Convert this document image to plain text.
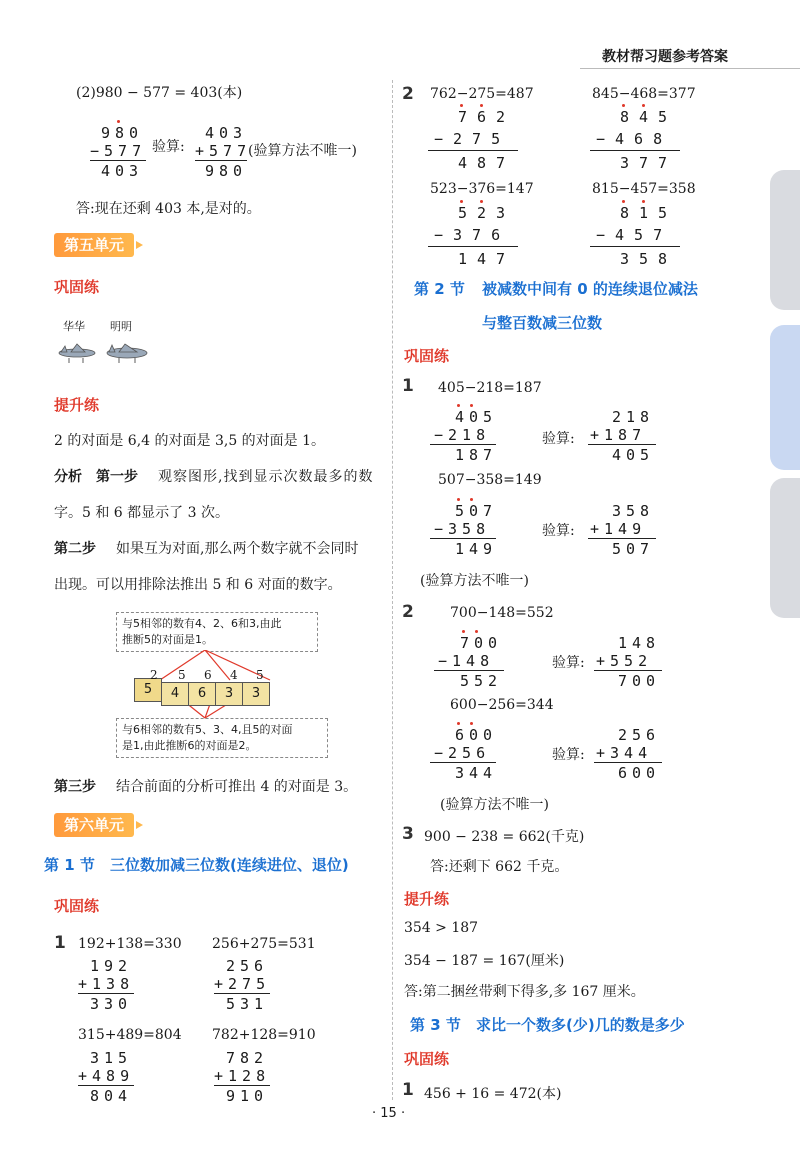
教材帮习题参考答案
(2)980 − 577 = 403(本)
980
−577
403
验算:
403
+577
980
(验算方法不唯一)
答:现在还剩 403 本,是对的。
第五单元
巩固练
华华 明明
提升练
2 的对面是 6,4 的对面是 3,5 的对面是 1。
分析 第一步 观察图形,找到显示次数最多的数
字。5 和 6 都显示了 3 次。
第二步 如果互为对面,那么两个数字就不会同时
出现。可以用排除法推出 5 和 6 对面的数字。
与5相邻的数有4、2、6和3,由此
推断5的对面是1。
与6相邻的数有5、3、4,且5的对面
是1,由此推断6的对面是2。
5	4	6	3	3
2 5 6 4 5
第三步 结合前面的分析可推出 4 的对面是 3。
第六单元
第 1 节 三位数加减三位数(连续进位、退位)
巩固练
1 192+138=330 256+275=531
192
+138
330
256
+275
531
315+489=804 782+128=910
315
+489
804
782
+128
910
2 762−275=487	845−468=377
762
−275
487
845
−468
377
523−376=147	815−457=358
523
−376
147
815
−457
358
第 2 节 被减数中间有 0 的连续退位减法
与整百数减三位数
巩固练
1 405−218=187
405
−218
187
验算:
218
+187
405
507−358=149
507
−358
149
验算:
358
+149
507
(验算方法不唯一)
2	700−148=552
700
−148
552
验算:
148
+552
700
600−256=344
600
−256
344
验算:
256
+344
600
(验算方法不唯一)
3 900 − 238 = 662(千克)
答:还剩下 662 千克。
提升练
354 > 187
354 − 187 = 167(厘米)
答:第二捆丝带剩下得多,多 167 厘米。
第 3 节 求比一个数多(少)几的数是多少
巩固练
1 456 + 16 = 472(本)
· 15 ·
